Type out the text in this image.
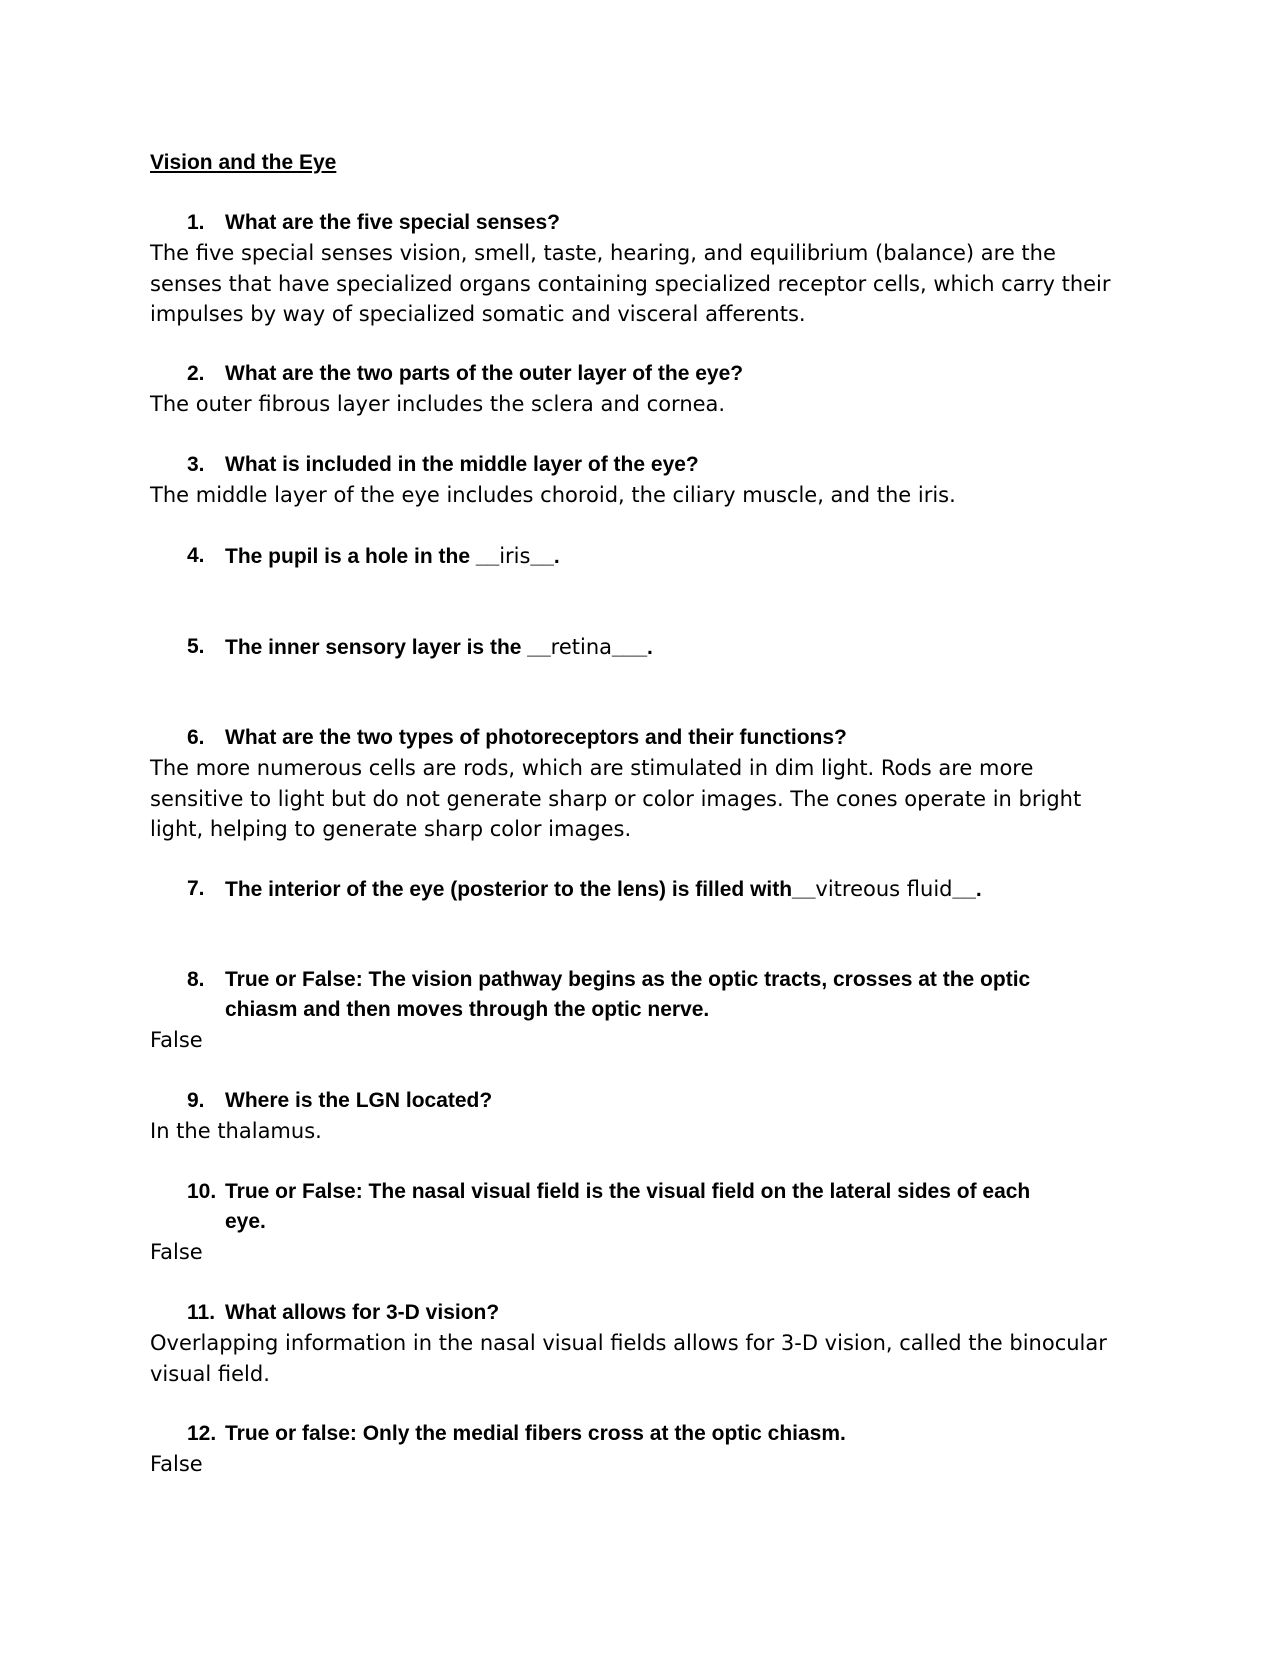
Vision and the Eye
1. What are the five special senses?
The five special senses vision, smell, taste, hearing, and equilibrium (balance) are the senses that have specialized organs containing specialized receptor cells, which carry their impulses by way of specialized somatic and visceral afferents.
2. What are the two parts of the outer layer of the eye?
The outer fibrous layer includes the sclera and cornea.
3. What is included in the middle layer of the eye?
The middle layer of the eye includes choroid, the ciliary muscle, and the iris.
4. The pupil is a hole in the __iris__.
5. The inner sensory layer is the __retina___.
6. What are the two types of photoreceptors and their functions?
The more numerous cells are rods, which are stimulated in dim light. Rods are more sensitive to light but do not generate sharp or color images. The cones operate in bright light, helping to generate sharp color images.
7. The interior of the eye (posterior to the lens) is filled with__vitreous fluid__.
8. True or False: The vision pathway begins as the optic tracts, crosses at the optic chiasm and then moves through the optic nerve.
False
9. Where is the LGN located?
In the thalamus.
10. True or False: The nasal visual field is the visual field on the lateral sides of each eye.
False
11. What allows for 3-D vision?
Overlapping information in the nasal visual fields allows for 3-D vision, called the binocular visual field.
12. True or false: Only the medial fibers cross at the optic chiasm.
False
